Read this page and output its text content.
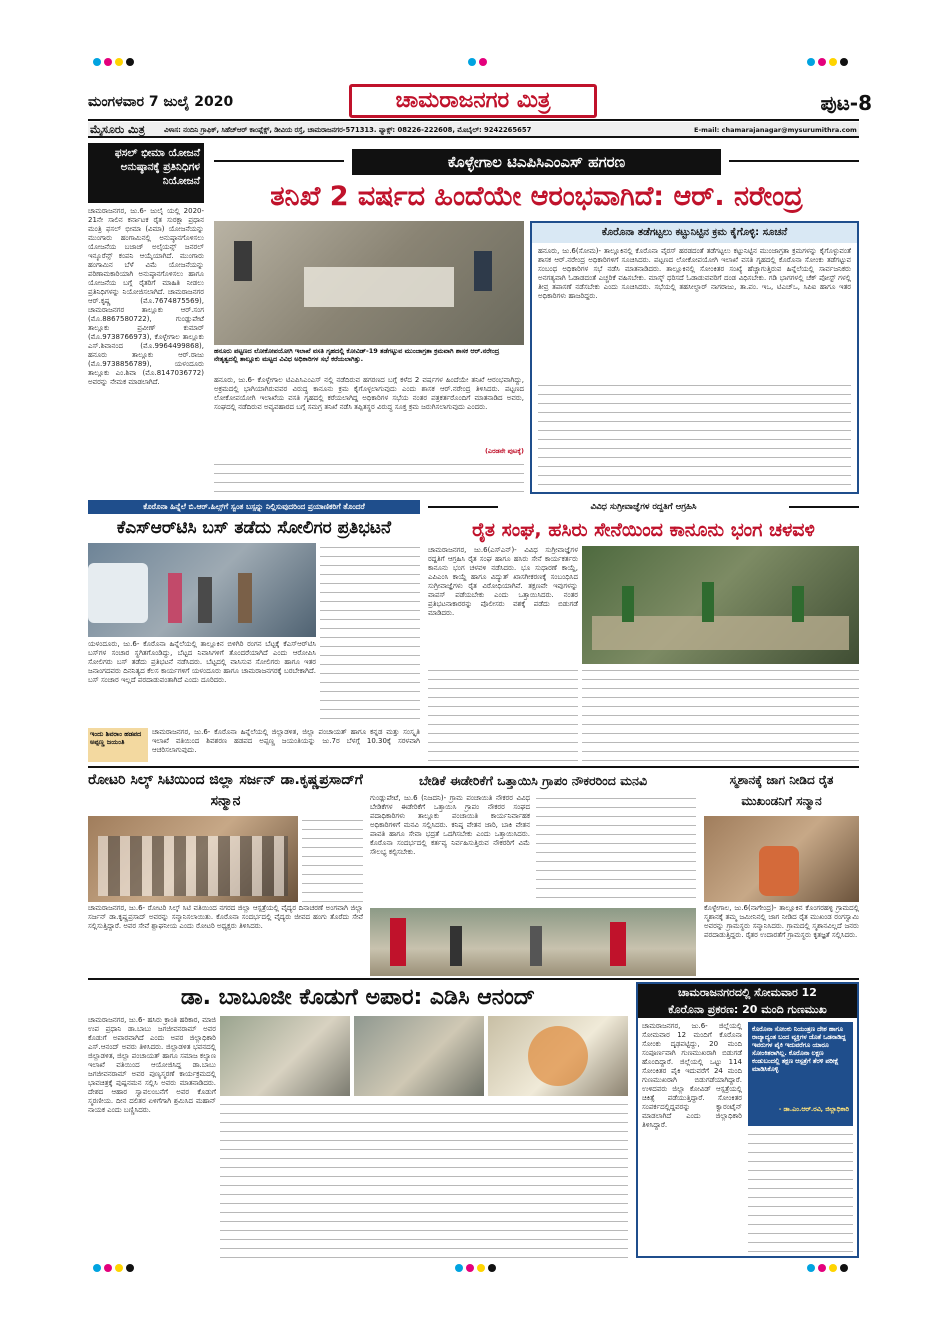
ಮಂಗಳವಾರ 7 ಜುಲೈ 2020	ಚಾಮರಾಜನಗರ ಮಿತ್ರ	ಪುಟ-8
ಮೈಸೂರು ಮಿತ್ರ	ವಿಳಾಸ: ನಂದಿನಿ ಗ್ರಾಫಿಕ್, ಸಿಹೆಚ್ಆರ್ ಕಾಂಪ್ಲೆಕ್ಸ್, ಡೀವಿಯ ರಸ್ತೆ, ಚಾಮರಾಜನಗರ-571313. ಫ್ಯಾಕ್ಸ್: 08226-222608, ಮೊಬೈಲ್: 9242265657	E-mail: chamarajanagar@mysurumithra.com
ಫಸಲ್ ಭೀಮಾ ಯೋಜನೆ ಅನುಷ್ಠಾನಕ್ಕೆ ಪ್ರತಿನಿಧಿಗಳ ನಿಯೋಜನೆ
ಚಾಮರಾಜನಗರ, ಜು.6- ಜುಲೈ ಯಲ್ಲಿ 2020-21ನೇ ಸಾಲಿನ ಕರ್ನಾಟಕ ರೈತ ಸುರಕ್ಷಾ ಪ್ರಧಾನ ಮಂತ್ರಿ ಫಸಲ್ ಭೀಮಾ (ವಿಮಾ) ಯೋಜನೆಯನ್ನು ಮುಂಗಾರು ಹಂಗಾಮಿನಲ್ಲಿ ಅನುಷ್ಠಾನಗೊಳಿಸಲು ಯೋಜನೆಯ ಬಜಾಜ್ ಅಲೈಯನ್ಸ್ ಜನರಲ್ ಇನ್ಶೂರೆನ್ಸ್ ಕಂಪನಿ ಆಯ್ಕೆಯಾಗಿದೆ. ಮುಂಗಾರು ಹಂಗಾಮಿನ ಬೆಳೆ ವಿಮೆ ಯೋಜನೆಯನ್ನು ಪರಿಣಾಮಕಾರಿಯಾಗಿ ಅನುಷ್ಠಾನಗೊಳಿಸಲು ಹಾಗೂ ಯೋಜನೆಯ ಬಗ್ಗೆ ರೈತರಿಗೆ ಮಾಹಿತಿ ನೀಡಲು ಪ್ರತಿನಿಧಿಗಳನ್ನು ನಿಯೋಜಿಸಲಾಗಿದೆ. ಚಾಮರಾಜನಗರ ಆರ್.ಕೃಷ್ಣ (ಮೊ.7674875569), ಚಾಮರಾಜನಗರ ತಾಲ್ಲೂಕು ಆರ್.ಸಂಗ (ಮೊ.8867580722), ಗುಂಡ್ಲುಪೇಟೆ ತಾಲ್ಲೂಕು ಪ್ರವೀಣ್ ಕುಮಾರ್ (ಮೊ.9738766973), ಕೊಳ್ಳೇಗಾಲ ತಾಲ್ಲೂಕು ಎಸ್.ಶಿವಾನಂದ (ಮೊ.9964499868), ಹನೂರು ತಾಲ್ಲೂಕು ಆರ್.ರಾಜು (ಮೊ.9738856789), ಯಳಂದೂರು ತಾಲ್ಲೂಕು ಎಂ.ಶಿವಾ (ಮೊ.8147036772) ಅವರನ್ನು ನೇಮಕ ಮಾಡಲಾಗಿದೆ.
ಕೊಳ್ಳೇಗಾಲ ಟಿಎಪಿಸಿಎಂಎಸ್ ಹಗರಣ
ತನಿಖೆ 2 ವರ್ಷದ ಹಿಂದೆಯೇ ಆರಂಭವಾಗಿದೆ: ಆರ್. ನರೇಂದ್ರ
ಹನೂರು ಪಟ್ಟಣದ ಲೋಕೋಪಯೋಗಿ ಇಲಾಖೆ ವಸತಿ ಗೃಹದಲ್ಲಿ ಕೋವಿಡ್-19 ತಡೆಗಟ್ಟುವ ಮುಂಜಾಗ್ರತಾ ಕ್ರಮವಾಗಿ ಶಾಸಕ ಆರ್.ನರೇಂದ್ರ ನೇತೃತ್ವದಲ್ಲಿ ತಾಲ್ಲೂಕು ಮಟ್ಟದ ವಿವಿಧ ಅಧಿಕಾರಿಗಳ ಸಭೆ ಕರೆಯಲಾಗಿತ್ತು.
ಹನೂರು, ಜು.6- ಕೊಳ್ಳೇಗಾಲ ಟಿಎಪಿಸಿಎಂಎಸ್ ನಲ್ಲಿ ನಡೆದಿರುವ ಹಗರಣದ ಬಗ್ಗೆ ಕಳೆದ 2 ವರ್ಷಗಳ ಹಿಂದೆಯೇ ತನಿಖೆ ಆರಂಭವಾಗಿದ್ದು, ಅಕ್ರಮದಲ್ಲಿ ಭಾಗಿಯಾಗಿರುವವರ ವಿರುದ್ಧ ಕಾನೂನು ಕ್ರಮ ಕೈಗೊಳ್ಳಲಾಗುವುದು ಎಂದು ಶಾಸಕ ಆರ್.ನರೇಂದ್ರ ತಿಳಿಸಿದರು. ಪಟ್ಟಣದ ಲೋಕೋಪಯೋಗಿ ಇಲಾಖೆಯ ವಸತಿ ಗೃಹದಲ್ಲಿ ಕರೆಯಲಾಗಿದ್ದ ಅಧಿಕಾರಿಗಳ ಸಭೆಯ ನಂತರ ಪತ್ರಕರ್ತರೊಂದಿಗೆ ಮಾತನಾಡಿದ ಅವರು, ಸಂಘದಲ್ಲಿ ನಡೆದಿರುವ ಅವ್ಯವಹಾರದ ಬಗ್ಗೆ ಸಮಗ್ರ ತನಿಖೆ ನಡೆಸಿ ತಪ್ಪಿತಸ್ಥರ ವಿರುದ್ಧ ಸೂಕ್ತ ಕ್ರಮ ಜರುಗಿಸಲಾಗುವುದು ಎಂದರು.
(ಎರಡನೇ ಪುಟಕ್ಕೆ)
ಕೊರೊನಾ ತಡೆಗಟ್ಟಲು ಕಟ್ಟುನಿಟ್ಟಿನ ಕ್ರಮ ಕೈಗೊಳ್ಳಿ: ಸೂಚನೆ
ಹನೂರು, ಜು.6(ಸೋಮ)- ತಾಲ್ಲೂಕಿನಲ್ಲಿ ಕೊರೊನಾ ವೈರಸ್ ಹರಡದಂತೆ ತಡೆಗಟ್ಟಲು ಕಟ್ಟುನಿಟ್ಟಿನ ಮುಂಜಾಗ್ರತಾ ಕ್ರಮಗಳನ್ನು ಕೈಗೊಳ್ಳುವಂತೆ ಶಾಸಕ ಆರ್.ನರೇಂದ್ರ ಅಧಿಕಾರಿಗಳಿಗೆ ಸೂಚಿಸಿದರು. ಪಟ್ಟಣದ ಲೋಕೋಪಯೋಗಿ ಇಲಾಖೆ ವಸತಿ ಗೃಹದಲ್ಲಿ ಕೊರೊನಾ ಸೋಂಕು ತಡೆಗಟ್ಟುವ ಸಂಬಂಧ ಅಧಿಕಾರಿಗಳ ಸಭೆ ನಡೆಸಿ ಮಾತನಾಡಿದರು. ತಾಲ್ಲೂಕಿನಲ್ಲಿ ಸೋಂಕಿತರ ಸಂಖ್ಯೆ ಹೆಚ್ಚಾಗುತ್ತಿರುವ ಹಿನ್ನೆಲೆಯಲ್ಲಿ ಸಾರ್ವಜನಿಕರು ಅನಗತ್ಯವಾಗಿ ಓಡಾಡದಂತೆ ಎಚ್ಚರಿಕೆ ವಹಿಸಬೇಕು. ಮಾಸ್ಕ್ ಧರಿಸದೆ ಓಡಾಡುವವರಿಗೆ ದಂಡ ವಿಧಿಸಬೇಕು. ಗಡಿ ಭಾಗಗಳಲ್ಲಿ ಚೆಕ್ ಪೋಸ್ಟ್ ಗಳಲ್ಲಿ ತೀವ್ರ ತಪಾಸಣೆ ನಡೆಸಬೇಕು ಎಂದು ಸೂಚಿಸಿದರು. ಸಭೆಯಲ್ಲಿ ತಹಸೀಲ್ದಾರ್ ನಾಗರಾಜು, ತಾ.ಪಂ. ಇಒ, ಟಿಎಚ್ಒ, ಸಿಪಿಐ ಹಾಗೂ ಇತರ ಅಧಿಕಾರಿಗಳು ಹಾಜರಿದ್ದರು.
ಕೊರೊನಾ ಹಿನ್ನೆಲೆ ಬಿ.ಆರ್.ಹಿಲ್ಸ್‌ಗೆ ಸ್ವಂತ ಬಸ್ಸನ್ನು ನಿಲ್ಲಿಸುವುದರಿಂದ ಪ್ರಯಾಣಿಕರಿಗೆ ತೊಂದರೆ
ಕೆಎಸ್‌ಆರ್‌ಟಿಸಿ ಬಸ್ ತಡೆದು ಸೋಲಿಗರ ಪ್ರತಿಭಟನೆ
ಯಳಂದೂರು, ಜು.6- ಕೊರೊನಾ ಹಿನ್ನೆಲೆಯಲ್ಲಿ ತಾಲ್ಲೂಕಿನ ಬಿಳಿಗಿರಿ ರಂಗನ ಬೆಟ್ಟಕ್ಕೆ ಕೆಎಸ್‌ಆರ್‌ಟಿಸಿ ಬಸ್‌ಗಳ ಸಂಚಾರ ಸ್ಥಗಿತಗೊಂಡಿದ್ದು, ಬೆಟ್ಟದ ನಿವಾಸಿಗಳಿಗೆ ತೊಂದರೆಯಾಗಿದೆ ಎಂದು ಆರೋಪಿಸಿ ಸೋಲಿಗರು ಬಸ್ ತಡೆದು ಪ್ರತಿಭಟನೆ ನಡೆಸಿದರು. ಬೆಟ್ಟದಲ್ಲಿ ವಾಸಿಸುವ ಸೋಲಿಗರು ಹಾಗೂ ಇತರ ಜನಾಂಗದವರು ದಿನನಿತ್ಯದ ಕೆಲಸ ಕಾರ್ಯಗಳಿಗೆ ಯಳಂದೂರು ಹಾಗೂ ಚಾಮರಾಜನಗರಕ್ಕೆ ಬರಬೇಕಾಗಿದೆ. ಬಸ್ ಸಂಚಾರ ಇಲ್ಲದೆ ಪರದಾಡುವಂತಾಗಿದೆ ಎಂದು ದೂರಿದರು.
ಇಂದು ಶಿವರಾಂ ಹಡಪದ ಅಪ್ಪಣ್ಣ ಜಯಂತಿ
ಚಾಮರಾಜನಗರ, ಜು.6- ಕೊರೊನಾ ಹಿನ್ನೆಲೆಯಲ್ಲಿ ಜಿಲ್ಲಾಡಳಿತ, ಜಿಲ್ಲಾ ಪಂಚಾಯತ್ ಹಾಗೂ ಕನ್ನಡ ಮತ್ತು ಸಂಸ್ಕೃತಿ ಇಲಾಖೆ ವತಿಯಿಂದ ಶಿವಶರಣ ಹಡಪದ ಅಪ್ಪಣ್ಣ ಜಯಂತಿಯನ್ನು ಜು.7ರ ಬೆಳಗ್ಗೆ 10.30ಕ್ಕೆ ಸರಳವಾಗಿ ಆಚರಿಸಲಾಗುವುದು.
ವಿವಿಧ ಸುಗ್ರೀವಾಜ್ಞೆಗಳ ರದ್ದತಿಗೆ ಆಗ್ರಹಿಸಿ
ರೈತ ಸಂಘ, ಹಸಿರು ಸೇನೆಯಿಂದ ಕಾನೂನು ಭಂಗ ಚಳವಳಿ
ಚಾಮರಾಜನಗರ, ಜು.6(ಎಸ್‌ಎನ್)- ವಿವಿಧ ಸುಗ್ರೀವಾಜ್ಞೆಗಳ ರದ್ದತಿಗೆ ಆಗ್ರಹಿಸಿ ರೈತ ಸಂಘ ಹಾಗೂ ಹಸಿರು ಸೇನೆ ಕಾರ್ಯಕರ್ತರು ಕಾನೂನು ಭಂಗ ಚಳವಳಿ ನಡೆಸಿದರು. ಭೂ ಸುಧಾರಣೆ ಕಾಯ್ದೆ, ಎಪಿಎಂಸಿ ಕಾಯ್ದೆ ಹಾಗೂ ವಿದ್ಯುತ್ ಖಾಸಗೀಕರಣಕ್ಕೆ ಸಂಬಂಧಿಸಿದ ಸುಗ್ರೀವಾಜ್ಞೆಗಳು ರೈತ ವಿರೋಧಿಯಾಗಿವೆ. ತಕ್ಷಣವೇ ಇವುಗಳನ್ನು ವಾಪಸ್ ಪಡೆಯಬೇಕು ಎಂದು ಒತ್ತಾಯಿಸಿದರು. ನಂತರ ಪ್ರತಿಭಟನಾಕಾರರನ್ನು ಪೊಲೀಸರು ವಶಕ್ಕೆ ಪಡೆದು ಬಿಡುಗಡೆ ಮಾಡಿದರು.
ರೋಟರಿ ಸಿಲ್ಕ್ ಸಿಟಿಯಿಂದ ಜಿಲ್ಲಾ ಸರ್ಜನ್ ಡಾ.ಕೃಷ್ಣಪ್ರಸಾದ್‌ಗೆ ಸನ್ಮಾನ
ಚಾಮರಾಜನಗರ, ಜು.6- ರೋಟರಿ ಸಿಲ್ಕ್ ಸಿಟಿ ವತಿಯಿಂದ ನಗರದ ಜಿಲ್ಲಾ ಆಸ್ಪತ್ರೆಯಲ್ಲಿ ವೈದ್ಯರ ದಿನಾಚರಣೆ ಅಂಗವಾಗಿ ಜಿಲ್ಲಾ ಸರ್ಜನ್ ಡಾ.ಕೃಷ್ಣಪ್ರಸಾದ್ ಅವರನ್ನು ಸನ್ಮಾನಿಸಲಾಯಿತು. ಕೊರೊನಾ ಸಂದರ್ಭದಲ್ಲಿ ವೈದ್ಯರು ಜೀವದ ಹಂಗು ತೊರೆದು ಸೇವೆ ಸಲ್ಲಿಸುತ್ತಿದ್ದಾರೆ. ಅವರ ಸೇವೆ ಶ್ಲಾಘನೀಯ ಎಂದು ರೋಟರಿ ಅಧ್ಯಕ್ಷರು ತಿಳಿಸಿದರು.
ಬೇಡಿಕೆ ಈಡೇರಿಕೆಗೆ ಒತ್ತಾಯಿಸಿ ಗ್ರಾಪಂ ನೌಕರರಿಂದ ಮನವಿ
ಗುಂಡ್ಲುಪೇಟೆ, ಜು.6 (ನಿಜದನಿ)- ಗ್ರಾಮ ಪಂಚಾಯಿತಿ ನೌಕರರ ವಿವಿಧ ಬೇಡಿಕೆಗಳ ಈಡೇರಿಕೆಗೆ ಒತ್ತಾಯಿಸಿ ಗ್ರಾಪಂ ನೌಕರರ ಸಂಘದ ಪದಾಧಿಕಾರಿಗಳು ತಾಲ್ಲೂಕು ಪಂಚಾಯಿತಿ ಕಾರ್ಯನಿರ್ವಾಹಕ ಅಧಿಕಾರಿಗಳಿಗೆ ಮನವಿ ಸಲ್ಲಿಸಿದರು. ಕನಿಷ್ಠ ವೇತನ ಜಾರಿ, ಬಾಕಿ ವೇತನ ಪಾವತಿ ಹಾಗೂ ಸೇವಾ ಭದ್ರತೆ ಒದಗಿಸಬೇಕು ಎಂದು ಒತ್ತಾಯಿಸಿದರು. ಕೊರೊನಾ ಸಂದರ್ಭದಲ್ಲಿ ಕರ್ತವ್ಯ ನಿರ್ವಹಿಸುತ್ತಿರುವ ನೌಕರರಿಗೆ ವಿಮೆ ಸೌಲಭ್ಯ ಕಲ್ಪಿಸಬೇಕು.
ಸ್ಮಶಾನಕ್ಕೆ ಜಾಗ ನೀಡಿದ ರೈತ ಮುಖಂಡನಿಗೆ ಸನ್ಮಾನ
ಕೊಳ್ಳೇಗಾಲ, ಜು.6(ನಾಗೇಂದ್ರ)- ತಾಲ್ಲೂಕಿನ ಕೊಂಗರಹಳ್ಳಿ ಗ್ರಾಮದಲ್ಲಿ ಸ್ಮಶಾನಕ್ಕೆ ತಮ್ಮ ಜಮೀನಿನಲ್ಲಿ ಜಾಗ ನೀಡಿದ ರೈತ ಮುಖಂಡ ರಂಗಸ್ವಾಮಿ ಅವರನ್ನು ಗ್ರಾಮಸ್ಥರು ಸನ್ಮಾನಿಸಿದರು. ಗ್ರಾಮದಲ್ಲಿ ಸ್ಮಶಾನವಿಲ್ಲದೆ ಜನರು ಪರದಾಡುತ್ತಿದ್ದರು. ರೈತರ ಉದಾರತೆಗೆ ಗ್ರಾಮಸ್ಥರು ಕೃತಜ್ಞತೆ ಸಲ್ಲಿಸಿದರು.
ಡಾ. ಬಾಬೂಜೀ ಕೊಡುಗೆ ಅಪಾರ: ಎಡಿಸಿ ಆನಂದ್
ಚಾಮರಾಜನಗರ, ಜು.6- ಹಸಿರು ಕ್ರಾಂತಿ ಹರಿಕಾರ, ಮಾಜಿ ಉಪ ಪ್ರಧಾನಿ ಡಾ.ಬಾಬು ಜಗಜೀವನರಾಮ್ ಅವರ ಕೊಡುಗೆ ಅಪಾರವಾಗಿದೆ ಎಂದು ಅಪರ ಜಿಲ್ಲಾಧಿಕಾರಿ ಎಸ್.ಆನಂದ್ ಅವರು ತಿಳಿಸಿದರು. ಜಿಲ್ಲಾಡಳಿತ ಭವನದಲ್ಲಿ ಜಿಲ್ಲಾಡಳಿತ, ಜಿಲ್ಲಾ ಪಂಚಾಯತ್ ಹಾಗೂ ಸಮಾಜ ಕಲ್ಯಾಣ ಇಲಾಖೆ ವತಿಯಿಂದ ಆಯೋಜಿಸಿದ್ದ ಡಾ.ಬಾಬು ಜಗಜೀವನರಾಮ್ ಅವರ ಪುಣ್ಯಸ್ಮರಣೆ ಕಾರ್ಯಕ್ರಮದಲ್ಲಿ ಭಾವಚಿತ್ರಕ್ಕೆ ಪುಷ್ಪನಮನ ಸಲ್ಲಿಸಿ ಅವರು ಮಾತನಾಡಿದರು. ದೇಶದ ಆಹಾರ ಸ್ವಾವಲಂಬನೆಗೆ ಅವರ ಕೊಡುಗೆ ಸ್ಮರಣೀಯ. ದೀನ ದಲಿತರ ಏಳಿಗೆಗಾಗಿ ಶ್ರಮಿಸಿದ ಮಹಾನ್ ನಾಯಕ ಎಂದು ಬಣ್ಣಿಸಿದರು.
ಚಾಮರಾಜನಗರದಲ್ಲಿ ಸೋಮವಾರ 12
ಕೊರೊನಾ ಪ್ರಕರಣ: 20 ಮಂದಿ ಗುಣಮುಖ
ಚಾಮರಾಜನಗರ, ಜು.6- ಜಿಲ್ಲೆಯಲ್ಲಿ ಸೋಮವಾರ 12 ಮಂದಿಗೆ ಕೊರೊನಾ ಸೋಂಕು ದೃಢಪಟ್ಟಿದ್ದು, 20 ಮಂದಿ ಸಂಪೂರ್ಣವಾಗಿ ಗುಣಮುಖರಾಗಿ ಬಿಡುಗಡೆ ಹೊಂದಿದ್ದಾರೆ. ಜಿಲ್ಲೆಯಲ್ಲಿ ಒಟ್ಟು 114 ಸೋಂಕಿತರ ಪೈಕಿ ಇದುವರೆಗೆ 24 ಮಂದಿ ಗುಣಮುಖರಾಗಿ ಬಿಡುಗಡೆಯಾಗಿದ್ದಾರೆ. ಉಳಿದವರು ಜಿಲ್ಲಾ ಕೋವಿಡ್ ಆಸ್ಪತ್ರೆಯಲ್ಲಿ ಚಿಕಿತ್ಸೆ ಪಡೆಯುತ್ತಿದ್ದಾರೆ. ಸೋಂಕಿತರ ಸಂಪರ್ಕದಲ್ಲಿದ್ದವರನ್ನು ಕ್ವಾರಂಟೈನ್ ಮಾಡಲಾಗಿದೆ ಎಂದು ಜಿಲ್ಲಾಧಿಕಾರಿ ತಿಳಿಸಿದ್ದಾರೆ.
ಕೊರೊನಾ ಸೋಂಕು ನಿಯಂತ್ರಣ ದೇಶ ಹಾಗೂ ರಾಜ್ಯಾದ್ಯಂತ ಬಂದ ವ್ಯಕ್ತಿಗಳ ಜೊತೆ ಒಡನಾಡಿದ್ದ ಇವರುಗಳ ಪೈಕಿ ಇದುವರೆಗೂ ಯಾರೂ ಸೋಂಕಿತರಾಗಿಲ್ಲ. ಕೊರೊನಾ ಲಕ್ಷಣ ಕಂಡುಬಂದಲ್ಲಿ ತಕ್ಷಣ ಆಸ್ಪತ್ರೆಗೆ ತೆರಳಿ ಪರೀಕ್ಷೆ ಮಾಡಿಸಿಕೊಳ್ಳಿ
- ಡಾ.ಎಂ.ಆರ್.ರವಿ, ಜಿಲ್ಲಾಧಿಕಾರಿ
